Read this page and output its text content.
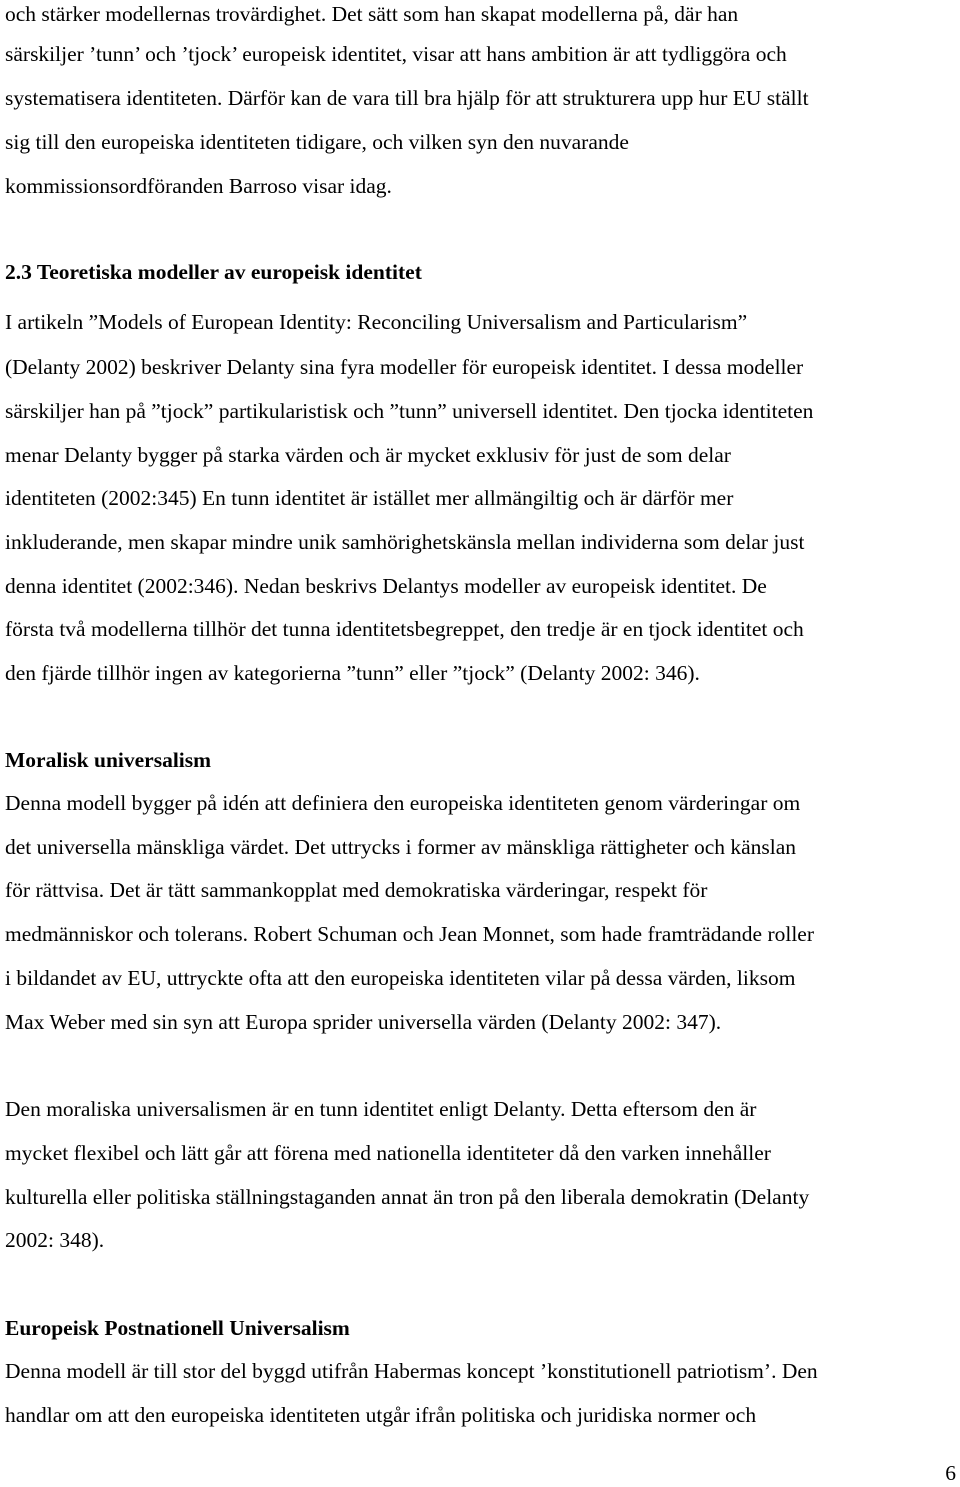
och stärker modellernas trovärdighet. Det sätt som han skapat modellerna på, där han

särskiljer ’tunn’ och ’tjock’ europeisk identitet, visar att hans ambition är att tydliggöra och

systematisera identiteten. Därför kan de vara till bra hjälp för att strukturera upp hur EU ställt

sig till den europeiska identiteten tidigare, och vilken syn den nuvarande

kommissionsordföranden Barroso visar idag.

2.3 Teoretiska modeller av europeisk identitet

I artikeln ”Models of European Identity: Reconciling Universalism and Particularism”

(Delanty 2002) beskriver Delanty sina fyra modeller för europeisk identitet. I dessa modeller

särskiljer han på ”tjock” partikularistisk och ”tunn” universell identitet. Den tjocka identiteten

menar Delanty bygger på starka värden och är mycket exklusiv för just de som delar

identiteten (2002:345) En tunn identitet är istället mer allmängiltig och är därför mer

inkluderande, men skapar mindre unik samhörighetskänsla mellan individerna som delar just

denna identitet (2002:346). Nedan beskrivs Delantys modeller av europeisk identitet. De

första två modellerna tillhör det tunna identitetsbegreppet, den tredje är en tjock identitet och

den fjärde tillhör ingen av kategorierna ”tunn” eller ”tjock” (Delanty 2002: 346).

Moralisk universalism

Denna modell bygger på idén att definiera den europeiska identiteten genom värderingar om

det universella mänskliga värdet. Det uttrycks i former av mänskliga rättigheter och känslan

för rättvisa. Det är tätt sammankopplat med demokratiska värderingar, respekt för

medmänniskor och tolerans. Robert Schuman och Jean Monnet, som hade framträdande roller

i bildandet av EU, uttryckte ofta att den europeiska identiteten vilar på dessa värden, liksom

Max Weber med sin syn att Europa sprider universella värden (Delanty 2002: 347).

Den moraliska universalismen är en tunn identitet enligt Delanty. Detta eftersom den är

mycket flexibel och lätt går att förena med nationella identiteter då den varken innehåller

kulturella eller politiska ställningstaganden annat än tron på den liberala demokratin (Delanty

2002: 348).

Europeisk Postnationell Universalism

Denna modell är till stor del byggd utifrån Habermas koncept ’konstitutionell patriotism’. Den

handlar om att den europeiska identiteten utgår ifrån politiska och juridiska normer och

6
